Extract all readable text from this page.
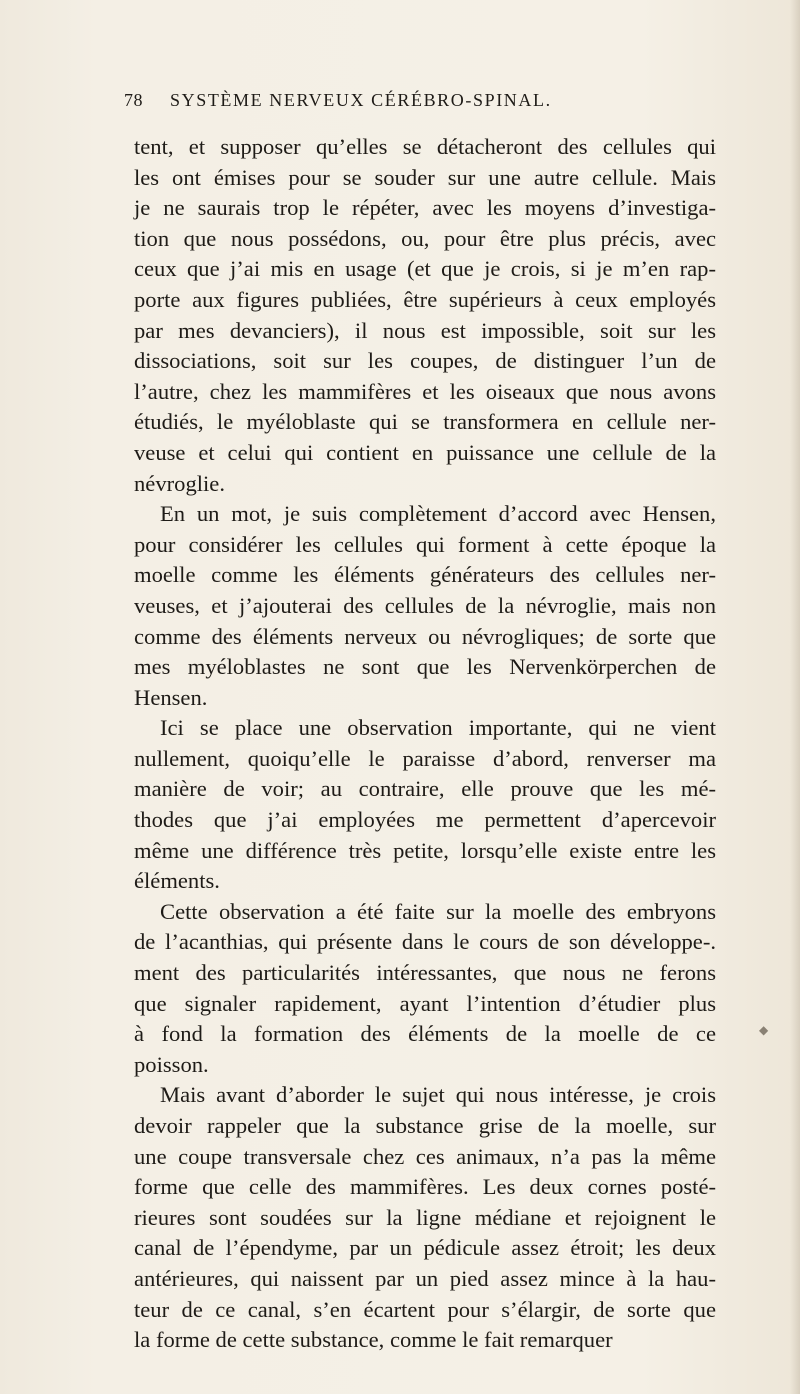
78 SYSTÈME NERVEUX CÉRÉBRO-SPINAL.
tent, et supposer qu’elles se détacheront des cellules qui
les ont émises pour se souder sur une autre cellule. Mais
je ne saurais trop le répéter, avec les moyens d’investiga-
tion que nous possédons, ou, pour être plus précis, avec
ceux que j’ai mis en usage (et que je crois, si je m’en rap-
porte aux figures publiées, être supérieurs à ceux employés
par mes devanciers), il nous est impossible, soit sur les
dissociations, soit sur les coupes, de distinguer l’un de
l’autre, chez les mammifères et les oiseaux que nous avons
étudiés, le myéloblaste qui se transformera en cellule ner-
veuse et celui qui contient en puissance une cellule de la
névroglie.
En un mot, je suis complètement d’accord avec Hensen,
pour considérer les cellules qui forment à cette époque la
moelle comme les éléments générateurs des cellules ner-
veuses, et j’ajouterai des cellules de la névroglie, mais non
comme des éléments nerveux ou névrogliques; de sorte que
mes myéloblastes ne sont que les Nervenkörperchen de
Hensen.
Ici se place une observation importante, qui ne vient
nullement, quoiqu’elle le paraisse d’abord, renverser ma
manière de voir; au contraire, elle prouve que les mé-
thodes que j’ai employées me permettent d’apercevoir
même une différence très petite, lorsqu’elle existe entre les
éléments.
Cette observation a été faite sur la moelle des embryons
de l’acanthias, qui présente dans le cours de son développe-.
ment des particularités intéressantes, que nous ne ferons
que signaler rapidement, ayant l’intention d’étudier plus
à fond la formation des éléments de la moelle de ce
poisson.
Mais avant d’aborder le sujet qui nous intéresse, je crois
devoir rappeler que la substance grise de la moelle, sur
une coupe transversale chez ces animaux, n’a pas la même
forme que celle des mammifères. Les deux cornes posté-
rieures sont soudées sur la ligne médiane et rejoignent le
canal de l’épendyme, par un pédicule assez étroit; les deux
antérieures, qui naissent par un pied assez mince à la hau-
teur de ce canal, s’en écartent pour s’élargir, de sorte que
la forme de cette substance, comme le fait remarquer
◆
